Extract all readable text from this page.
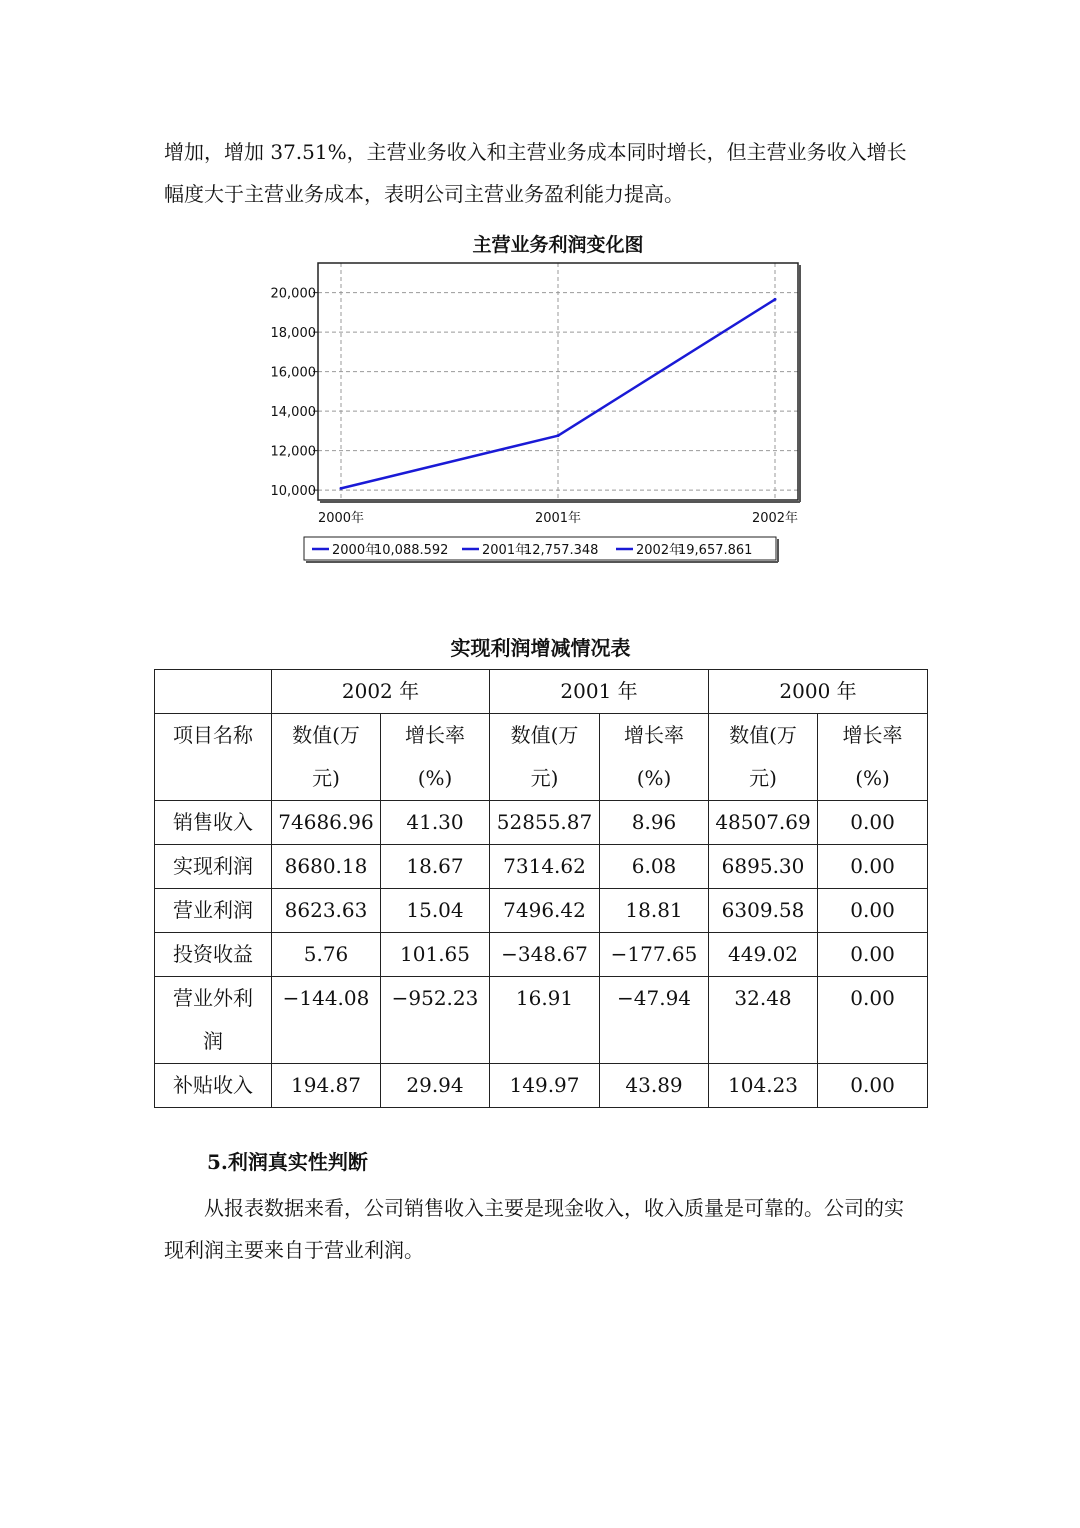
增加，增加 37.51%，主营业务收入和主营业务成本同时增长，但主营业务收入增长幅度大于主营业务成本，表明公司主营业务盈利能力提高。

主营业务利润变化图
10,000
12,000
14,000
16,000
18,000
20,000
2000年	2001年	2002年
2000年
10,088.592	2001年
12,757.348	2002年
19,657.861
实现利润增减情况表
	2002 年		2001 年		2000 年	
项目名称	数值(万元)	增长率(%)	数值(万元)	增长率(%)	数值(万元)	增长率(%)
销售收入	74686.96	41.30	52855.87	8.96	48507.69	0.00
实现利润	8680.18	18.67	7314.62	6.08	6895.30	0.00
营业利润	8623.63	15.04	7496.42	18.81	6309.58	0.00
投资收益	5.76	101.65	−348.67	−177.65	449.02	0.00
营业外利润	−144.08	−952.23	16.91	−47.94	32.48	0.00
补贴收入	194.87	29.94	149.97	43.89	104.23	0.00

5.利润真实性判断

从报表数据来看，公司销售收入主要是现金收入，收入质量是可靠的。公司的实现利润主要来自于营业利润。
